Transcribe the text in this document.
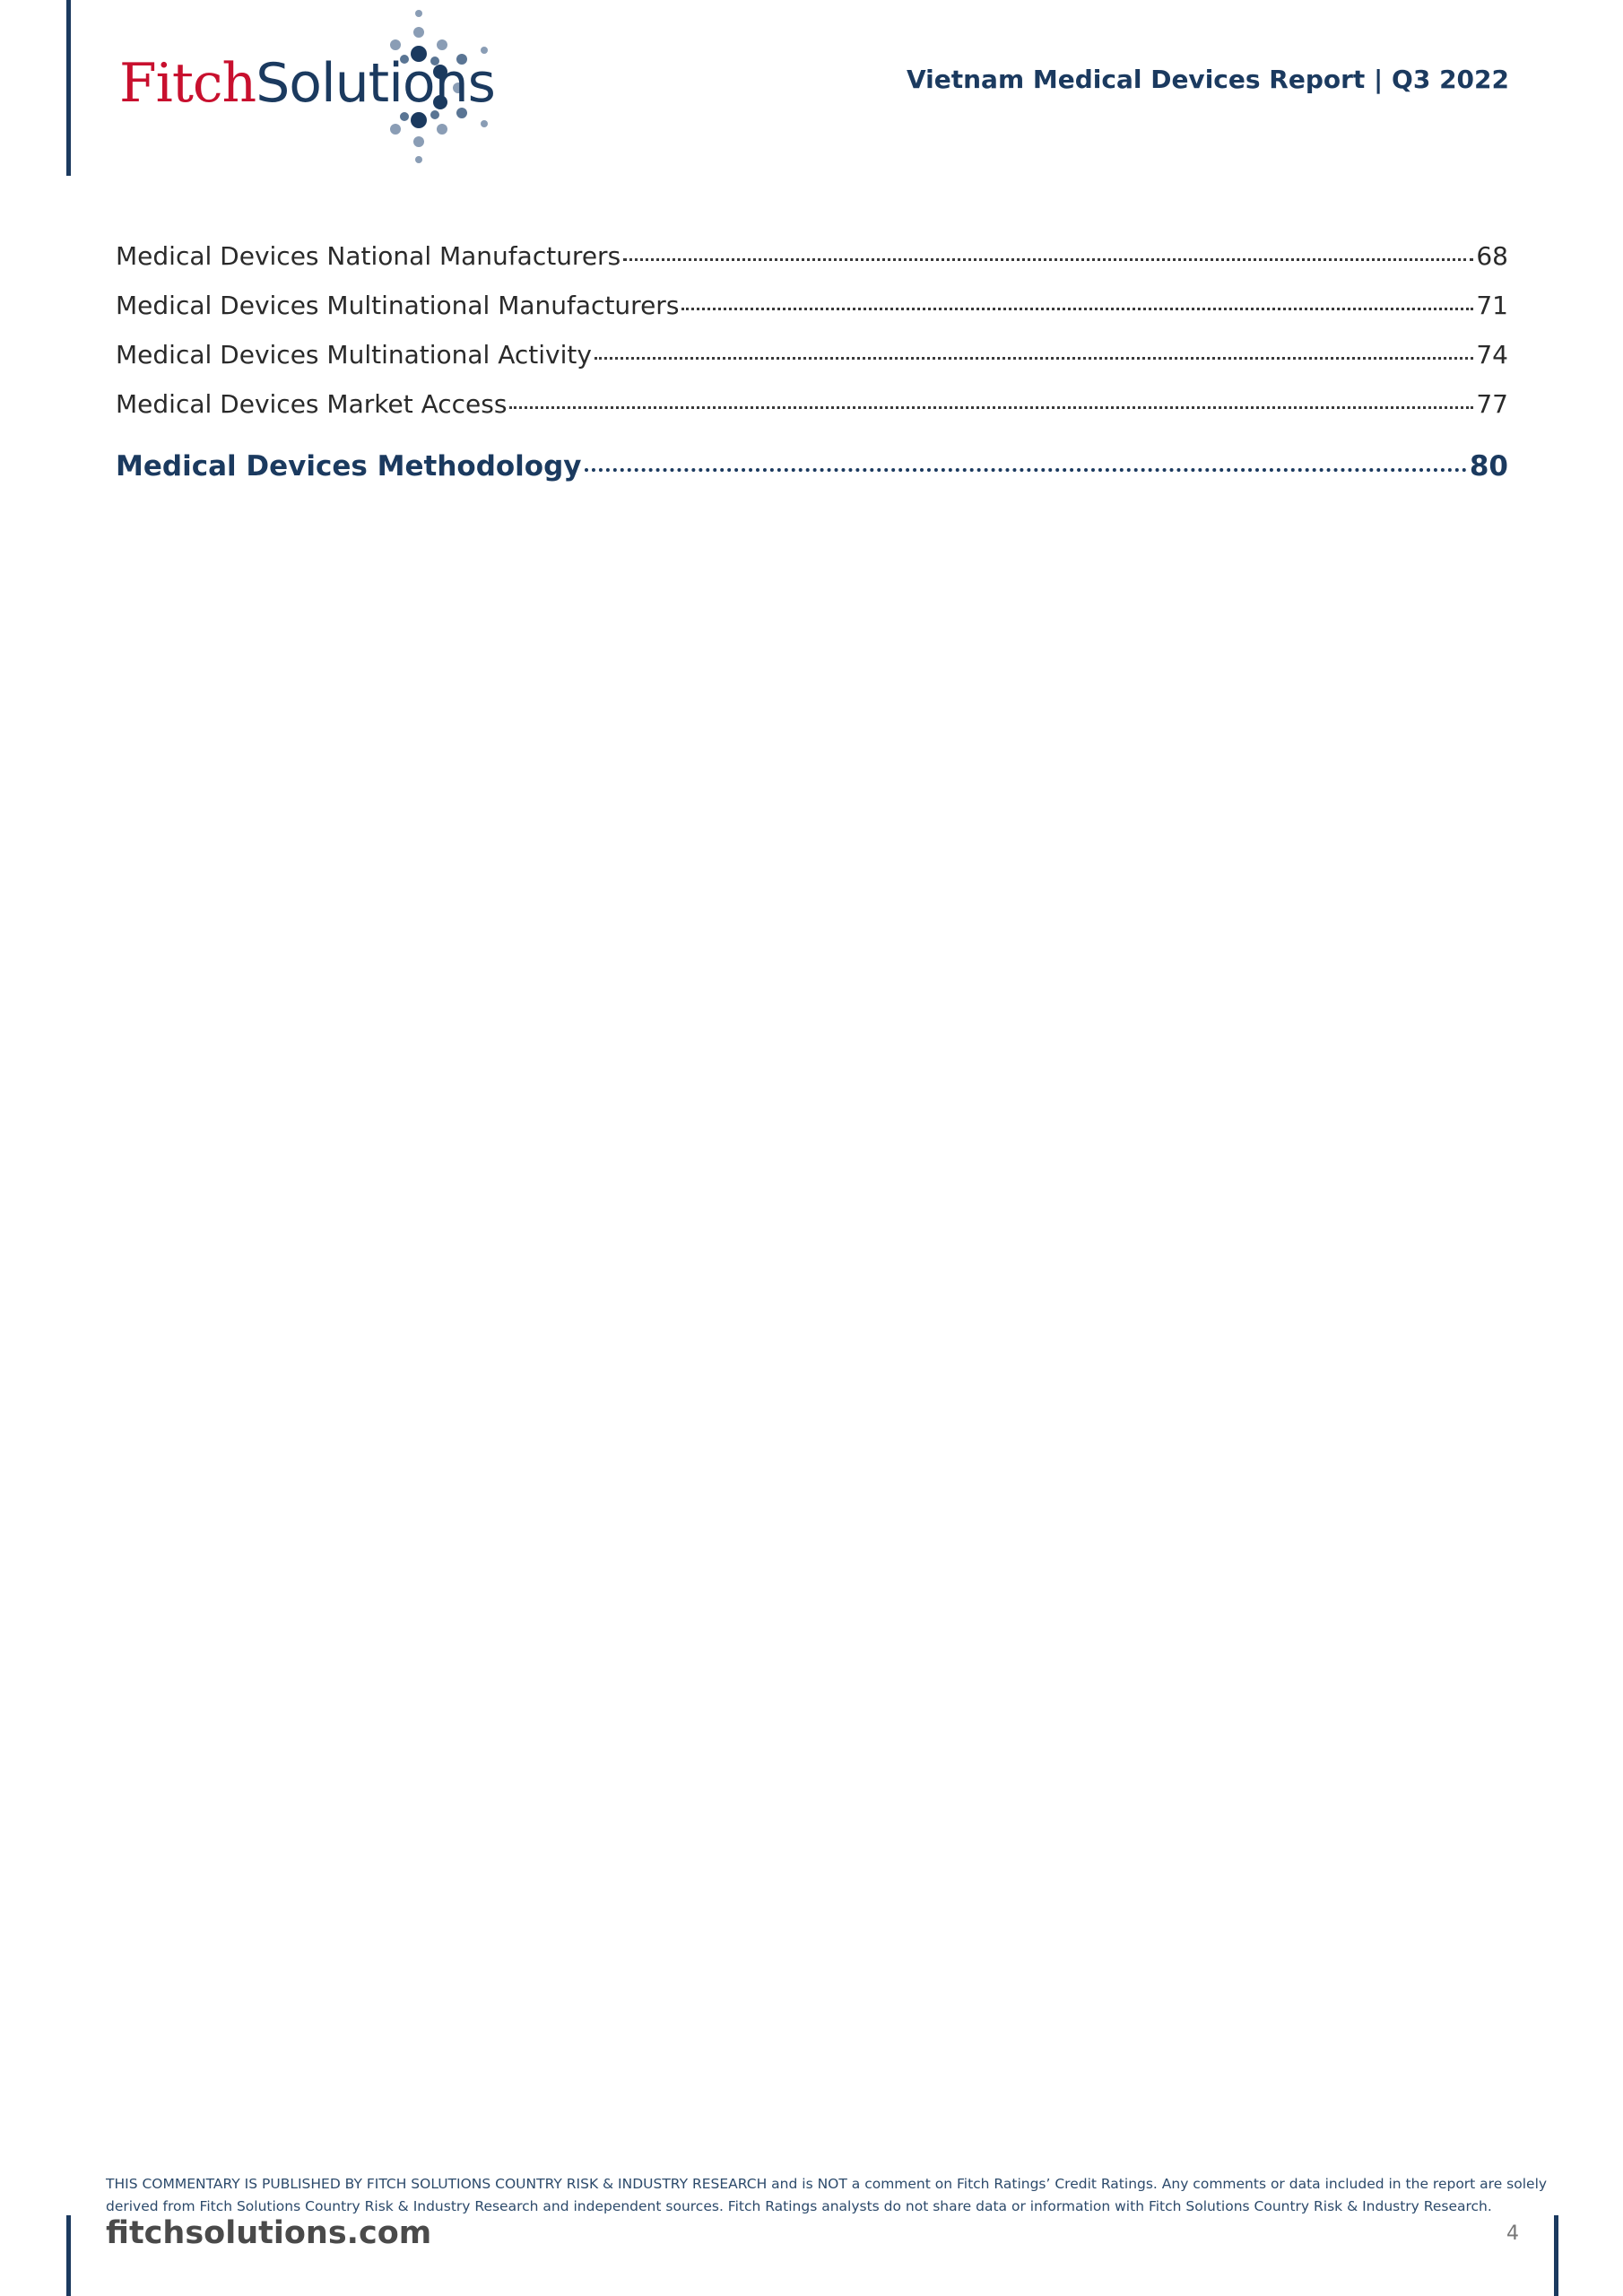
FitchSolutions	Vietnam Medical Devices Report | Q3 2022
Medical Devices National Manufacturers	68
Medical Devices Multinational Manufacturers	71
Medical Devices Multinational Activity	74
Medical Devices Market Access	77
Medical Devices Methodology	80
THIS COMMENTARY IS PUBLISHED BY FITCH SOLUTIONS COUNTRY RISK & INDUSTRY RESEARCH and is NOT a comment on Fitch Ratings’ Credit Ratings. Any comments or data included in the report are solely derived from Fitch Solutions Country Risk & Industry Research and independent sources. Fitch Ratings analysts do not share data or information with Fitch Solutions Country Risk & Industry Research.
fitchsolutions.com	4
